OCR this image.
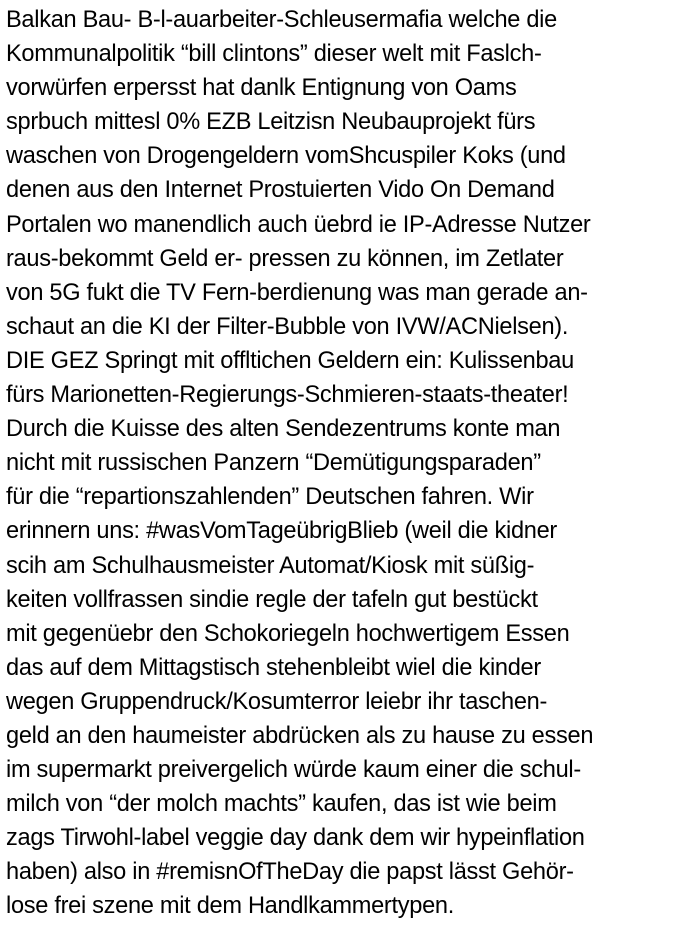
Balkan Bau- B-l-auarbeiter-Schleusermafia welche die
Kommunalpolitik “bill clintons” dieser welt mit Faslch-
vorwürfen erpersst hat danlk Entignung von Oams
sprbuch mittesl 0% EZB Leitzisn Neubauprojekt fürs
waschen von Drogengeldern vomShcuspiler Koks (und
denen aus den Internet Prostuierten Vido On Demand
Portalen wo manendlich auch üebrd ie IP-Adresse Nutzer
raus-bekommt Geld er- pressen zu können, im Zetlater
von 5G fukt die TV Fern-berdienung was man gerade an-
schaut an die KI der Filter-Bubble von IVW/ACNielsen).
DIE GEZ Springt mit offltichen Geldern ein: Kulissenbau
fürs Marionetten-Regierungs-Schmieren-staats-theater!
Durch die Kuisse des alten Sendezentrums konte man
nicht mit russischen Panzern “Demütigungsparaden”
für die “repartionszahlenden” Deutschen fahren. Wir
erinnern uns: #wasVomTageübrigBlieb (weil die kidner
scih am Schulhausmeister Automat/Kiosk mit süßig-
keiten vollfrassen sindie regle der tafeln gut bestückt
mit gegenüebr den Schokoriegeln hochwertigem Essen
das auf dem Mittagstisch stehenbleibt wiel die kinder
wegen Gruppendruck/Kosumterror leiebr ihr taschen-
geld an den haumeister abdrücken als zu hause zu essen
im supermarkt preivergelich würde kaum einer die schul-
milch von “der molch machts” kaufen, das ist wie beim
zags Tirwohl-label veggie day dank dem wir hypeinflation
haben) also in #remisnOfTheDay die papst lässt Gehör-
lose frei szene mit dem Handlkammertypen.
